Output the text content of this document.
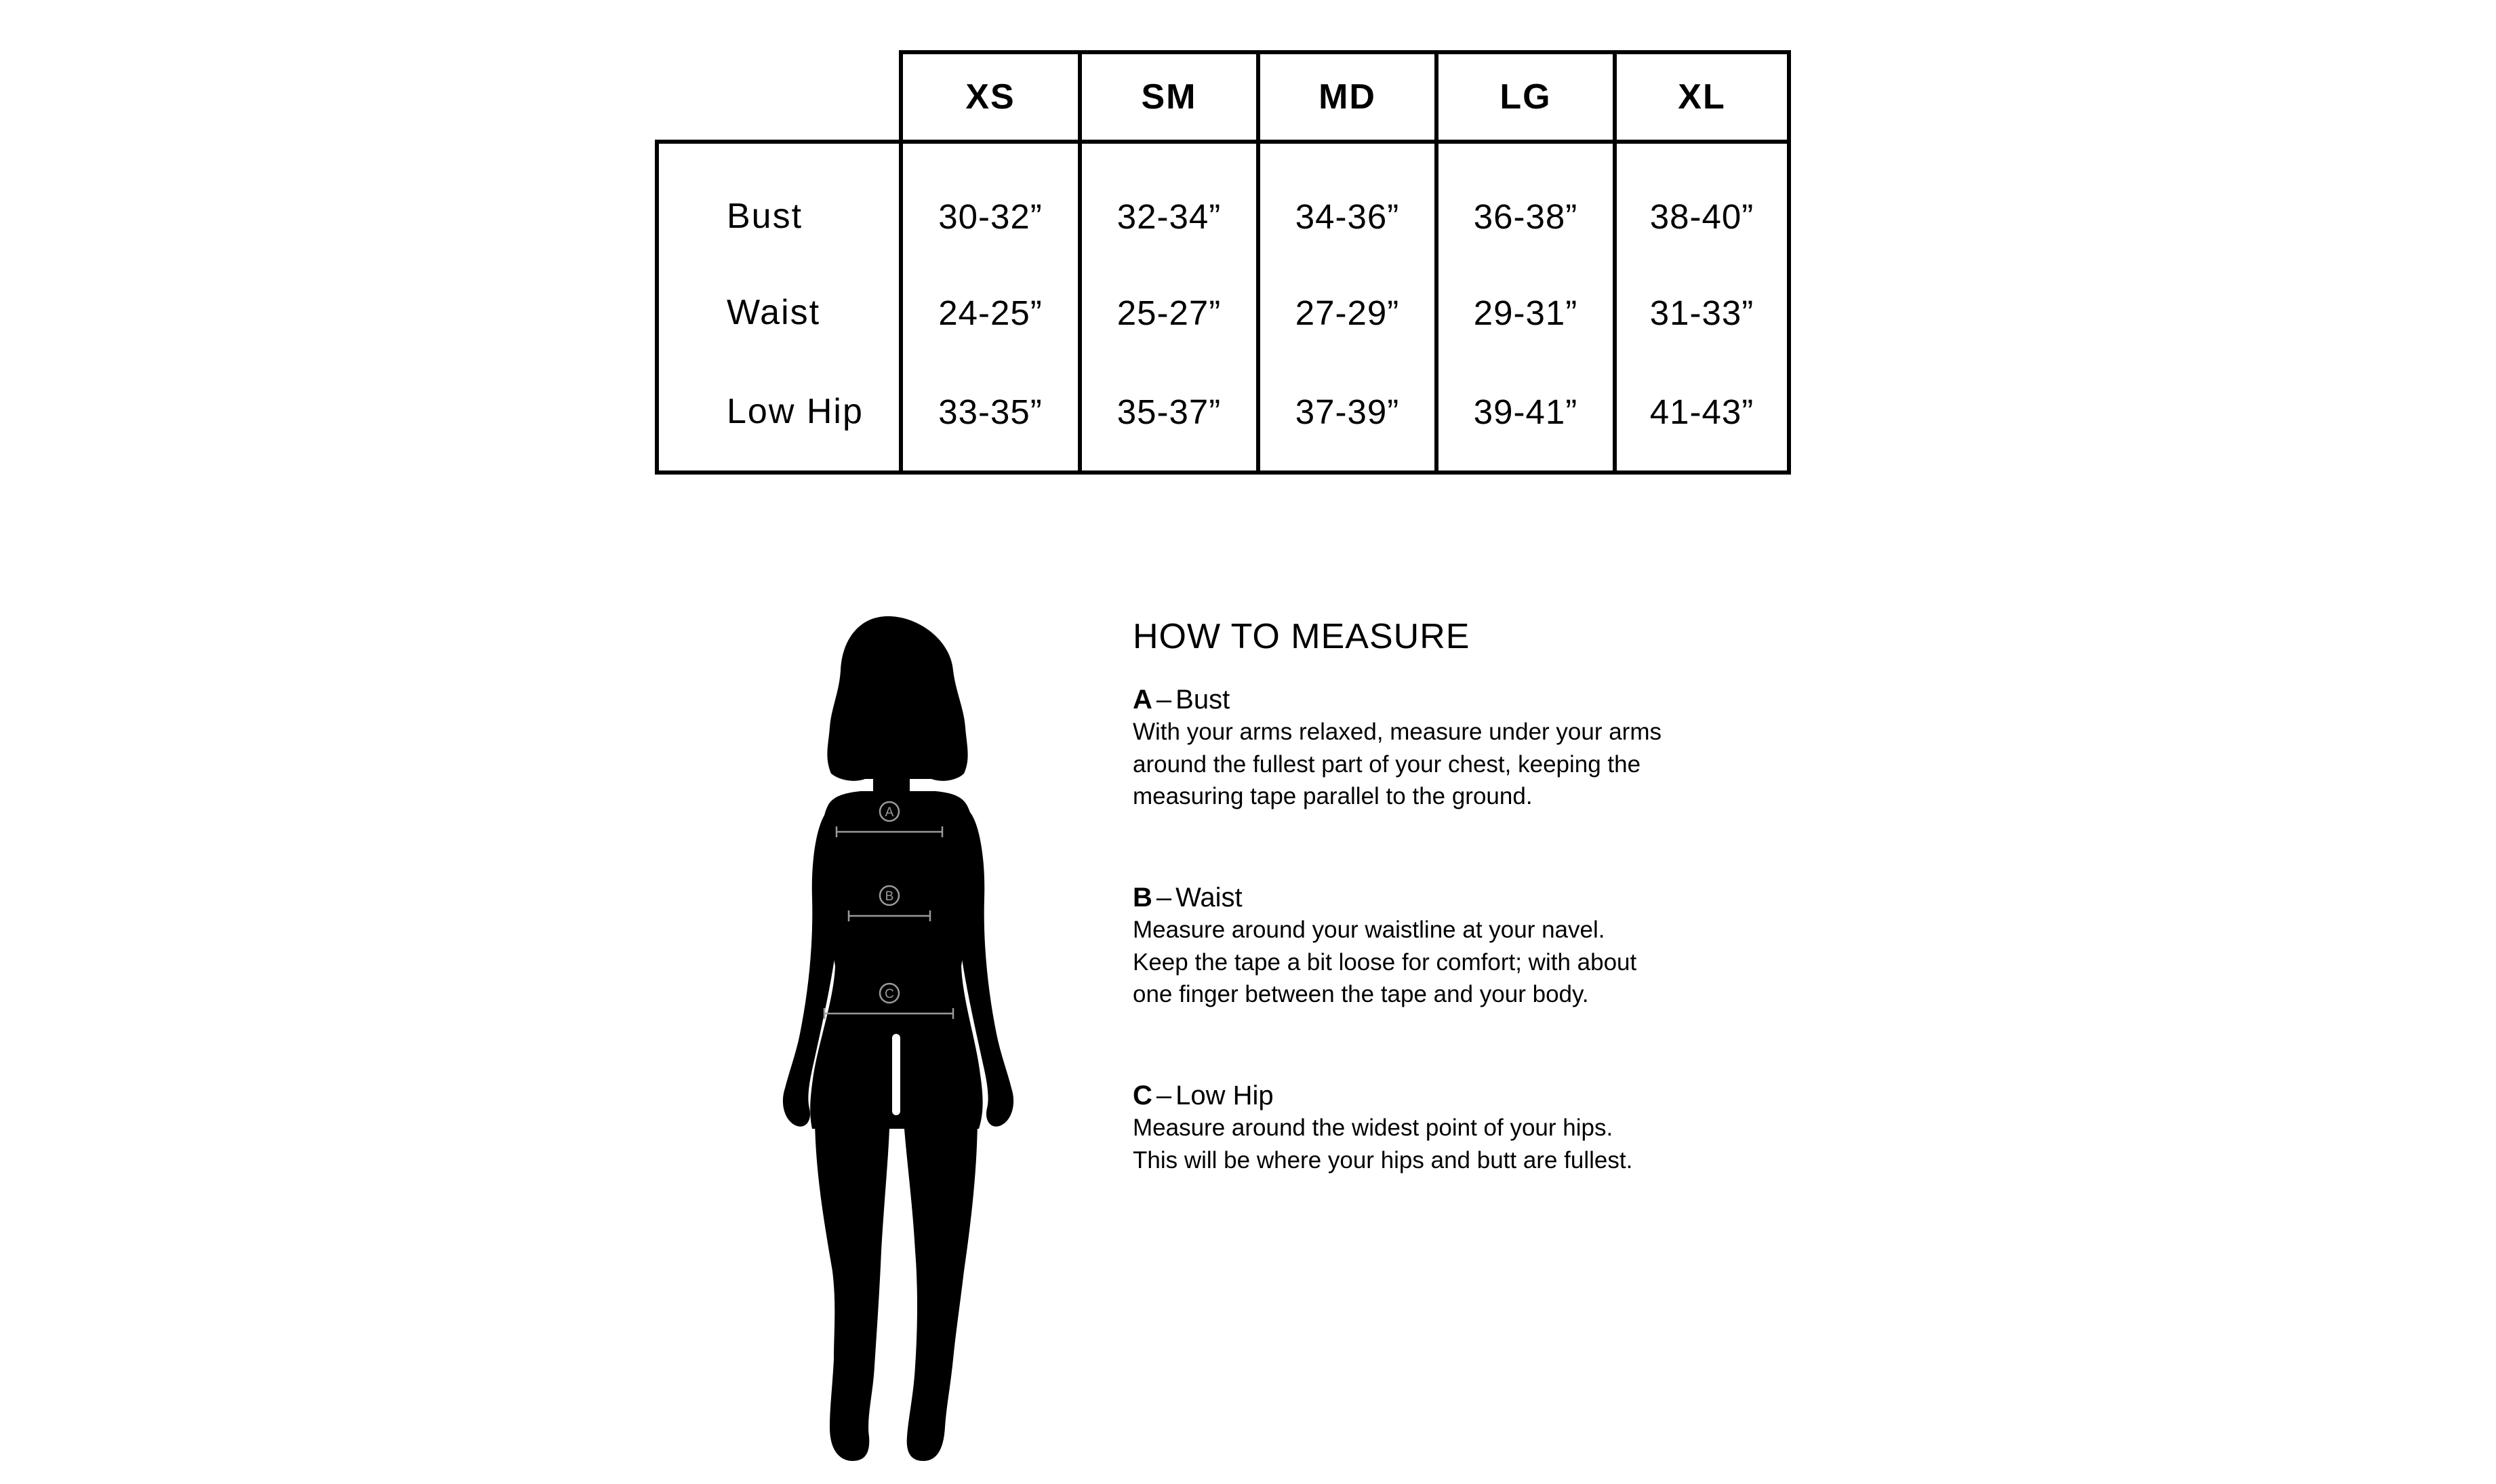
XS	SM	MD	LG	XL
Bust	30-32”	32-34”	34-36”	36-38”	38-40”
Waist	24-25”	25-27”	27-29”	29-31”	31-33”
Low Hip	33-35”	35-37”	37-39”	39-41”	41-43”
A
B
C
HOW TO MEASURE
A – Bust
With your arms relaxed, measure under your arms
around the fullest part of your chest, keeping the
measuring tape parallel to the ground.
B – Waist
Measure around your waistline at your navel.
Keep the tape a bit loose for comfort; with about
one finger between the tape and your body.
C – Low Hip
Measure around the widest point of your hips.
This will be where your hips and butt are fullest.
